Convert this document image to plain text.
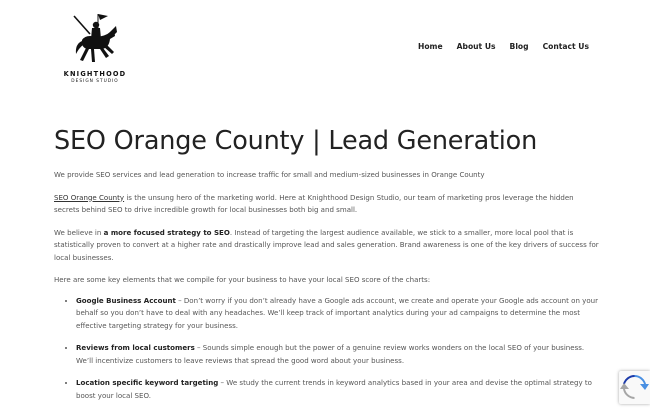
KNIGHTHOOD
DESIGN STUDIO
Home About Us Blog Contact Us
SEO Orange County | Lead Generation

We provide SEO services and lead generation to increase traffic for small and medium-sized businesses in Orange County

SEO Orange County is the unsung hero of the marketing world. Here at Knighthood Design Studio, our team of marketing pros leverage the hidden secrets behind SEO to drive incredible growth for local businesses both big and small.

We believe in a more focused strategy to SEO. Instead of targeting the largest audience available, we stick to a smaller, more local pool that is statistically proven to convert at a higher rate and drastically improve lead and sales generation. Brand awareness is one of the key drivers of success for local businesses.

Here are some key elements that we compile for your business to have your local SEO score of the charts:

• Google Business Account – Don’t worry if you don’t already have a Google ads account, we create and operate your Google ads account on your behalf so you don’t have to deal with any headaches. We’ll keep track of important analytics during your ad campaigns to determine the most effective targeting strategy for your business.
• Reviews from local customers – Sounds simple enough but the power of a genuine review works wonders on the local SEO of your business. We’ll incentivize customers to leave reviews that spread the good word about your business.
• Location specific keyword targeting – We study the current trends in keyword analytics based in your area and devise the optimal strategy to boost your local SEO.
